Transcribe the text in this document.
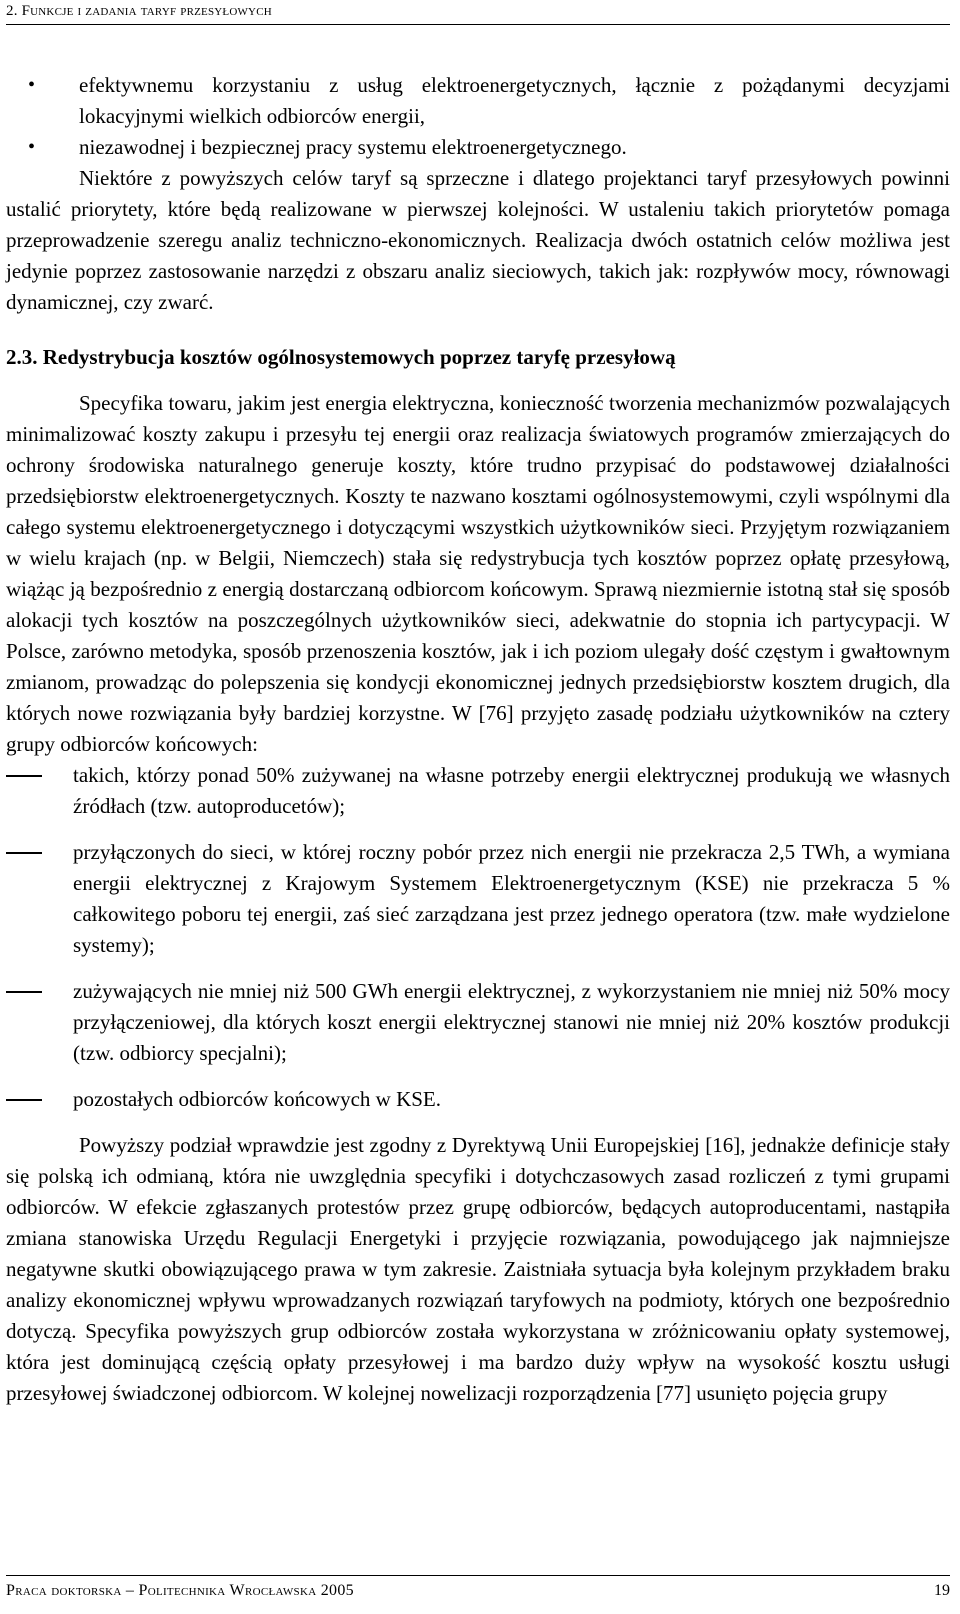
2. Funkcje i zadania taryf przesyłowych
• efektywnemu korzystaniu z usług elektroenergetycznych, łącznie z pożądanymi decyzjami lokacyjnymi wielkich odbiorców energii,
• niezawodnej i bezpiecznej pracy systemu elektroenergetycznego.

Niektóre z powyższych celów taryf są sprzeczne i dlatego projektanci taryf przesyłowych powinni ustalić priorytety, które będą realizowane w pierwszej kolejności. W ustaleniu takich priorytetów pomaga przeprowadzenie szeregu analiz techniczno-ekonomicznych. Realizacja dwóch ostatnich celów możliwa jest jedynie poprzez zastosowanie narzędzi z obszaru analiz sieciowych, takich jak: rozpływów mocy, równowagi dynamicznej, czy zwarć.

2.3. Redystrybucja kosztów ogólnosystemowych poprzez taryfę przesyłową

Specyfika towaru, jakim jest energia elektryczna, konieczność tworzenia mechanizmów pozwalających minimalizować koszty zakupu i przesyłu tej energii oraz realizacja światowych programów zmierzających do ochrony środowiska naturalnego generuje koszty, które trudno przypisać do podstawowej działalności przedsiębiorstw elektroenergetycznych. Koszty te nazwano kosztami ogólnosystemowymi, czyli wspólnymi dla całego systemu elektroenergetycznego i dotyczącymi wszystkich użytkowników sieci. Przyjętym rozwiązaniem w wielu krajach (np. w Belgii, Niemczech) stała się redystrybucja tych kosztów poprzez opłatę przesyłową, wiążąc ją bezpośrednio z energią dostarczaną odbiorcom końcowym. Sprawą niezmiernie istotną stał się sposób alokacji tych kosztów na poszczególnych użytkowników sieci, adekwatnie do stopnia ich partycypacji. W Polsce, zarówno metodyka, sposób przenoszenia kosztów, jak i ich poziom ulegały dość częstym i gwałtownym zmianom, prowadząc do polepszenia się kondycji ekonomicznej jednych przedsiębiorstw kosztem drugich, dla których nowe rozwiązania były bardziej korzystne. W [76] przyjęto zasadę podziału użytkowników na cztery grupy odbiorców końcowych:

takich, którzy ponad 50% zużywanej na własne potrzeby energii elektrycznej produkują we własnych źródłach (tzw. autoproducetów);
przyłączonych do sieci, w której roczny pobór przez nich energii nie przekracza 2,5 TWh, a wymiana energii elektrycznej z Krajowym Systemem Elektroenergetycznym (KSE) nie przekracza 5 % całkowitego poboru tej energii, zaś sieć zarządzana jest przez jednego operatora (tzw. małe wydzielone systemy);
zużywających nie mniej niż 500 GWh energii elektrycznej, z wykorzystaniem nie mniej niż 50% mocy przyłączeniowej, dla których koszt energii elektrycznej stanowi nie mniej niż 20% kosztów produkcji (tzw. odbiorcy specjalni);
pozostałych odbiorców końcowych w KSE.

Powyższy podział wprawdzie jest zgodny z Dyrektywą Unii Europejskiej [16], jednakże definicje stały się polską ich odmianą, która nie uwzględnia specyfiki i dotychczasowych zasad rozliczeń z tymi grupami odbiorców. W efekcie zgłaszanych protestów przez grupę odbiorców, będących autoproducentami, nastąpiła zmiana stanowiska Urzędu Regulacji Energetyki i przyjęcie rozwiązania, powodującego jak najmniejsze negatywne skutki obowiązującego prawa w tym zakresie. Zaistniała sytuacja była kolejnym przykładem braku analizy ekonomicznej wpływu wprowadzanych rozwiązań taryfowych na podmioty, których one bezpośrednio dotyczą. Specyfika powyższych grup odbiorców została wykorzystana w zróżnicowaniu opłaty systemowej, która jest dominującą częścią opłaty przesyłowej i ma bardzo duży wpływ na wysokość kosztu usługi przesyłowej świadczonej odbiorcom. W kolejnej nowelizacji rozporządzenia [77] usunięto pojęcia grupy

Praca doktorska – Politechnika Wrocławska 2005	19
